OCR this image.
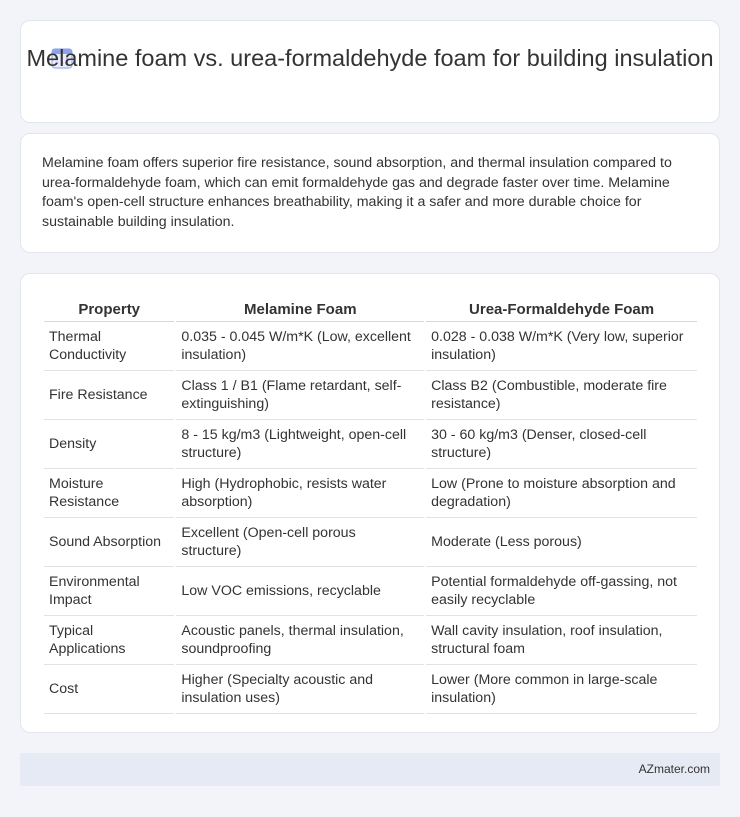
Melamine foam vs. urea-formaldehyde foam for building insulation

Melamine foam offers superior fire resistance, sound absorption, and thermal insulation compared to urea-formaldehyde foam, which can emit formaldehyde gas and degrade faster over time. Melamine foam's open-cell structure enhances breathability, making it a safer and more durable choice for sustainable building insulation.

Property	Melamine Foam	Urea-Formaldehyde Foam
Thermal Conductivity	0.035 - 0.045 W/m*K (Low, excellent insulation)	0.028 - 0.038 W/m*K (Very low, superior insulation)
Fire Resistance	Class 1 / B1 (Flame retardant, self-extinguishing)	Class B2 (Combustible, moderate fire resistance)
Density	8 - 15 kg/m3 (Lightweight, open-cell structure)	30 - 60 kg/m3 (Denser, closed-cell structure)
Moisture Resistance	High (Hydrophobic, resists water absorption)	Low (Prone to moisture absorption and degradation)
Sound Absorption	Excellent (Open-cell porous structure)	Moderate (Less porous)
Environmental Impact	Low VOC emissions, recyclable	Potential formaldehyde off-gassing, not easily recyclable
Typical Applications	Acoustic panels, thermal insulation, soundproofing	Wall cavity insulation, roof insulation, structural foam
Cost	Higher (Specialty acoustic and insulation uses)	Lower (More common in large-scale insulation)
AZmater.com
